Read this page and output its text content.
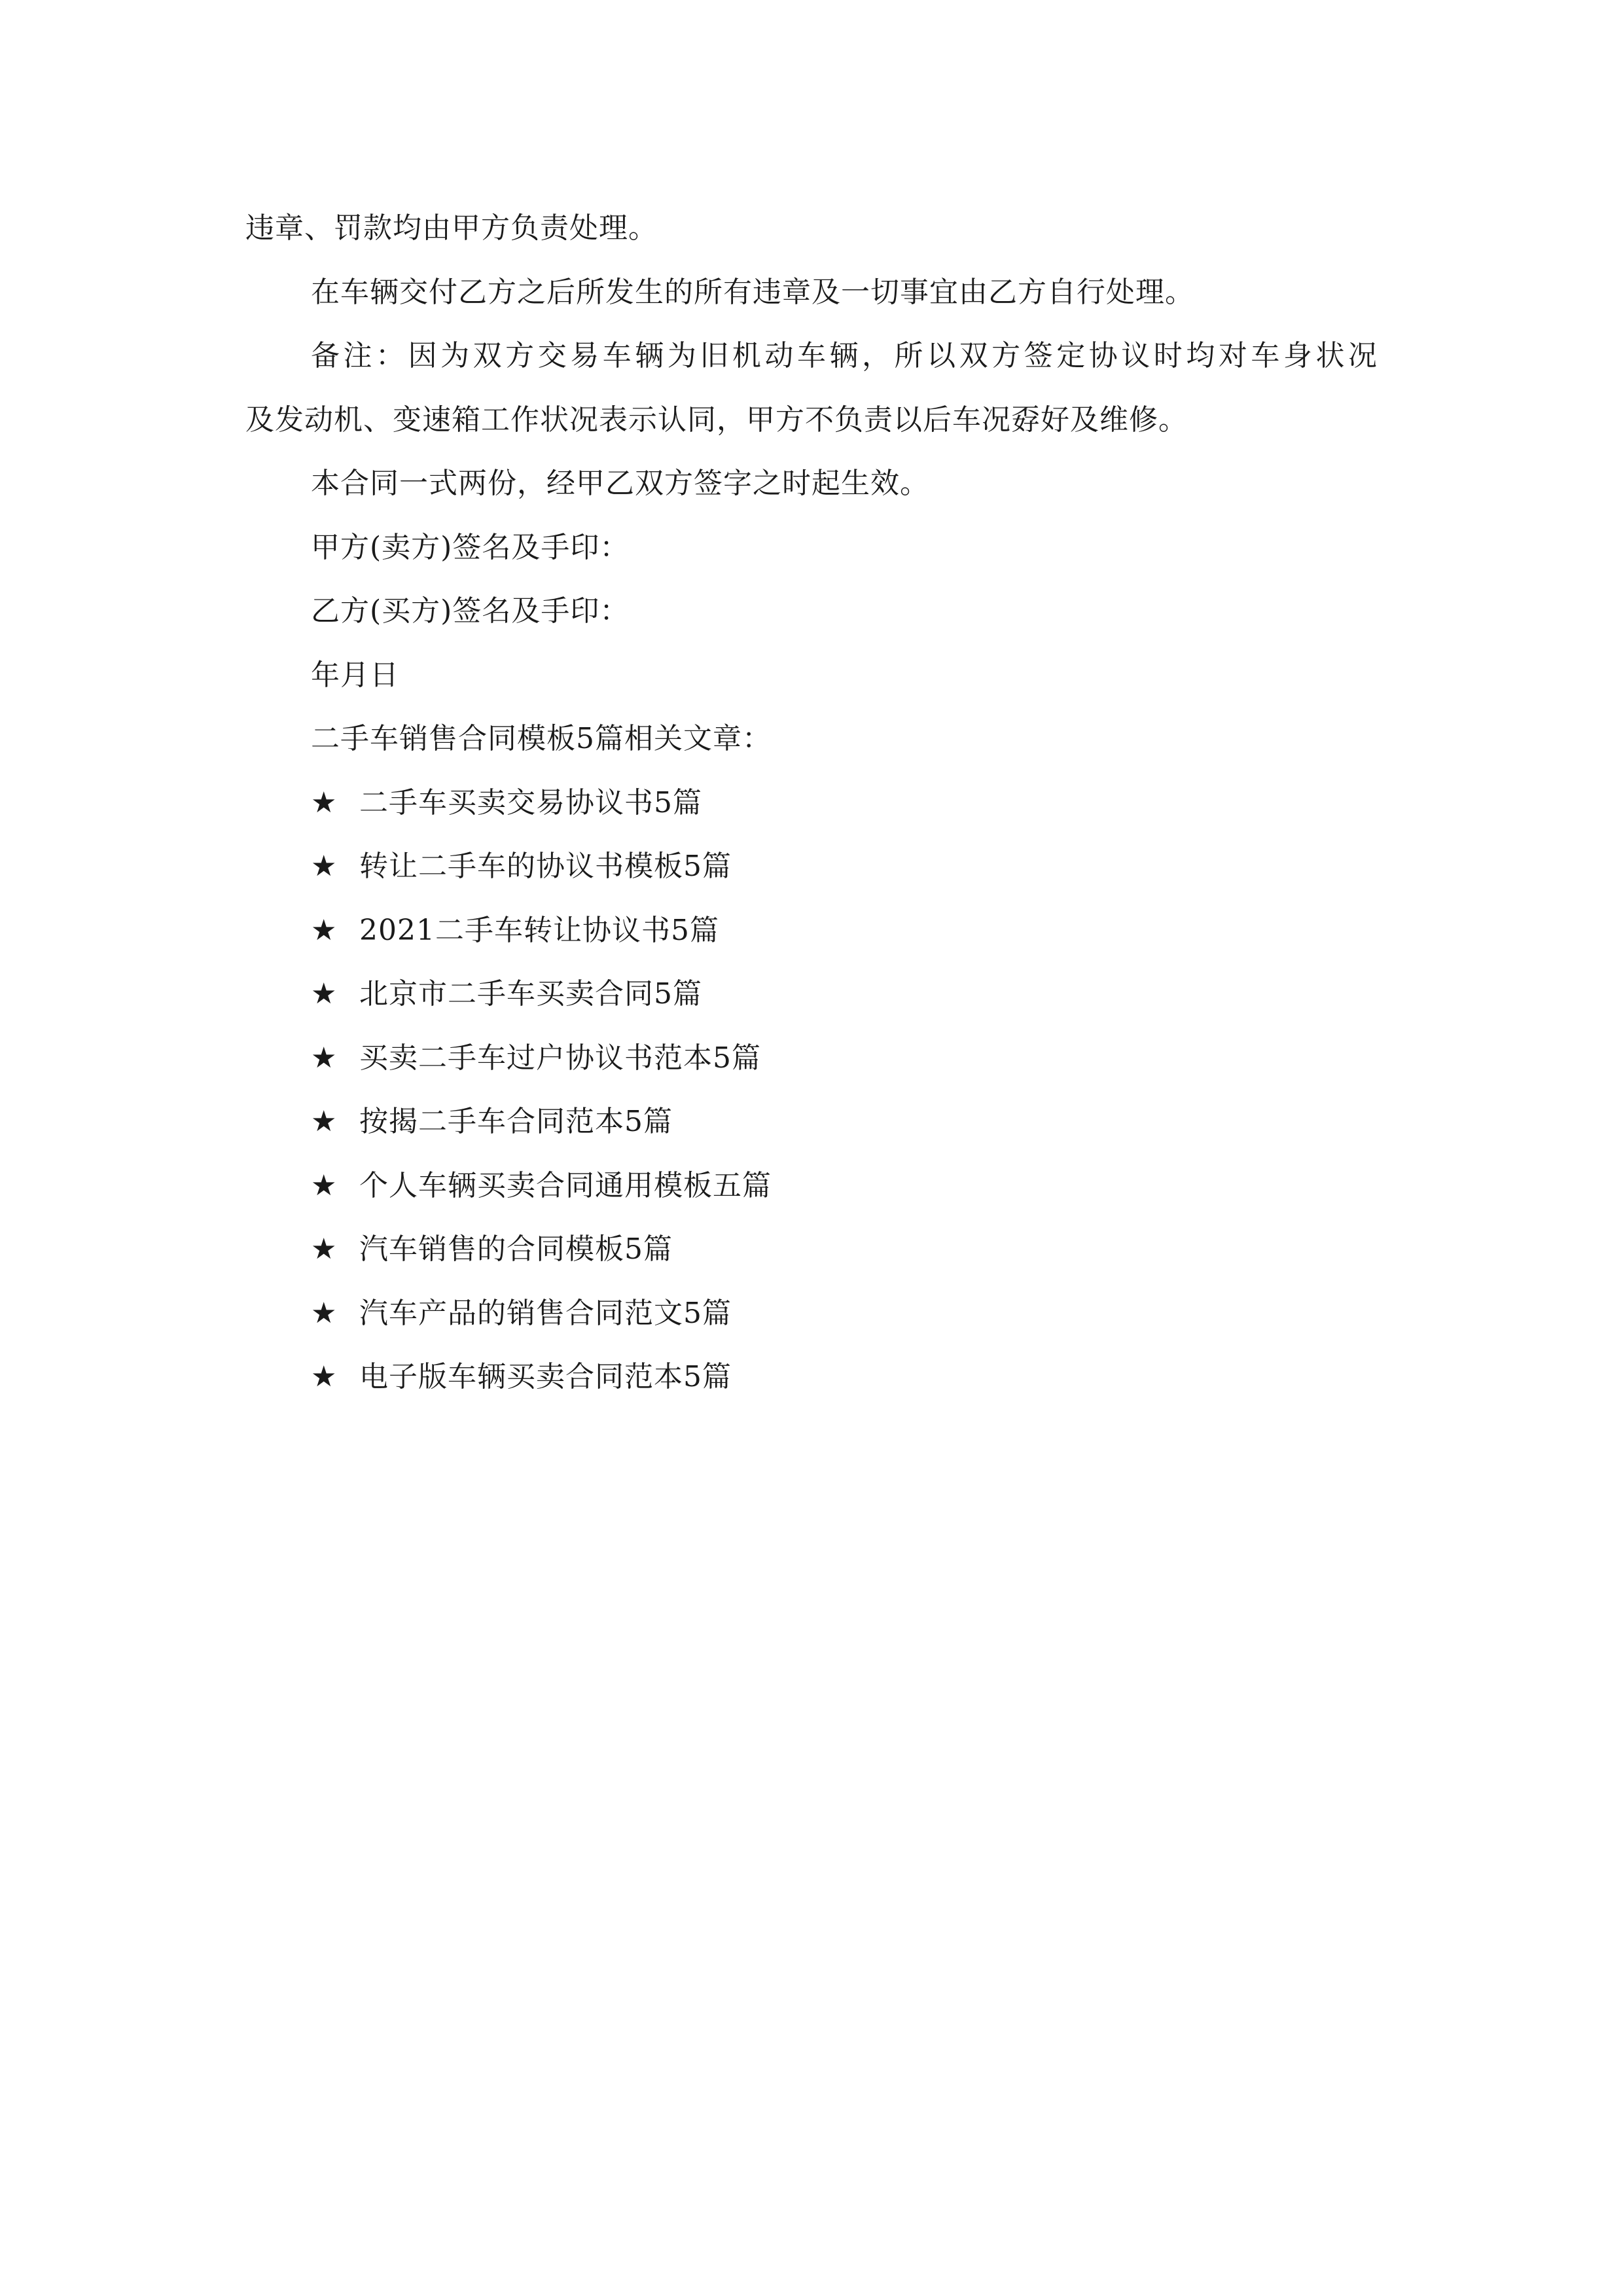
违章、罚款均由甲方负责处理。
在车辆交付乙方之后所发生的所有违章及一切事宜由乙方自行处理。
备注：因为双方交易车辆为旧机动车辆，所以双方签定协议时均对车身状况
及发动机、变速箱工作状况表示认同，甲方不负责以后车况孬好及维修。
本合同一式两份，经甲乙双方签字之时起生效。
甲方(卖方)签名及手印：
乙方(买方)签名及手印：
年月日
二手车销售合同模板5篇相关文章：
★ 二手车买卖交易协议书5篇
★ 转让二手车的协议书模板5篇
★ 2021二手车转让协议书5篇
★ 北京市二手车买卖合同5篇
★ 买卖二手车过户协议书范本5篇
★ 按揭二手车合同范本5篇
★ 个人车辆买卖合同通用模板五篇
★ 汽车销售的合同模板5篇
★ 汽车产品的销售合同范文5篇
★ 电子版车辆买卖合同范本5篇
